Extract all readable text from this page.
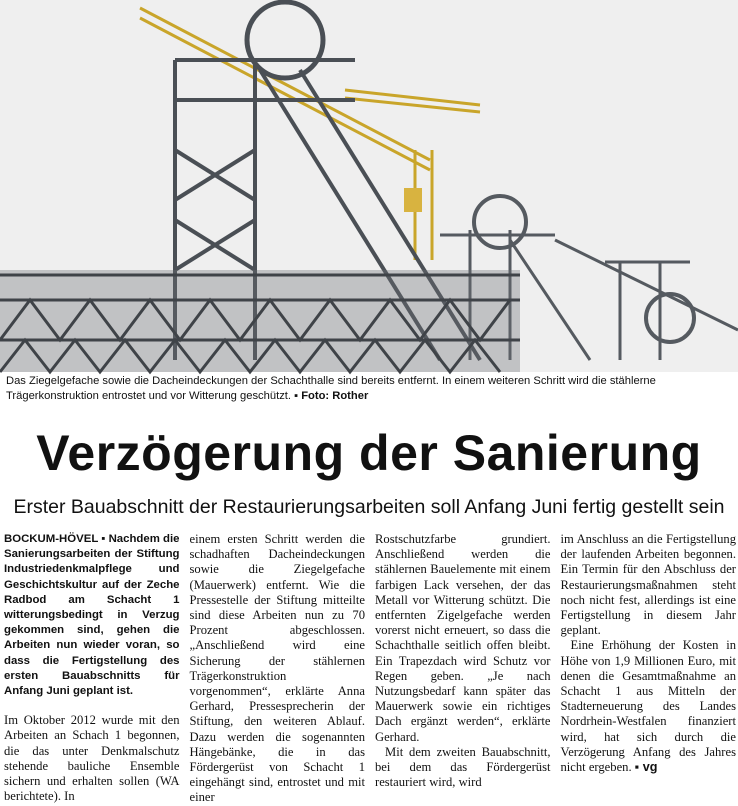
Das Ziegelgefache sowie die Dacheindeckungen der Schachthalle sind bereits entfernt. In einem weiteren Schritt wird die stählerne Trägerkonstruktion entrostet und vor Witterung geschützt. ▪ Foto: Rother
Verzögerung der Sanierung
Erster Bauabschnitt der Restaurierungsarbeiten soll Anfang Juni fertig gestellt sein

BOCKUM-HÖVEL ▪ Nachdem die Sanierungsarbeiten der Stiftung Industriedenkmalpflege und Geschichtskultur auf der Zeche Radbod am Schacht 1 witterungsbedingt in Verzug gekommen sind, gehen die Arbeiten nun wieder voran, so dass die Fertigstellung des ersten Bauabschnitts für Anfang Juni geplant ist.

Im Oktober 2012 wurde mit den Arbeiten an Schach 1 begonnen, die das unter Denkmalschutz stehende bauliche Ensemble sichern und erhalten sollen (WA berichtete). In

einem ersten Schritt werden die schadhaften Dacheindeckungen sowie die Ziegelgefache (Mauerwerk) entfernt. Wie die Pressestelle der Stiftung mitteilte sind diese Arbeiten nun zu 70 Prozent abgeschlossen. „Anschließend wird eine Sicherung der stählernen Trägerkonstruktion vorgenommen“, erklärte Anna Gerhard, Pressesprecherin der Stiftung, den weiteren Ablauf. Dazu werden die sogenannten Hängebänke, die in das Fördergerüst von Schacht 1 eingehängt sind, entrostet und mit einer

Rostschutzfarbe grundiert. Anschließend werden die stählernen Bauelemente mit einem farbigen Lack versehen, der das Metall vor Witterung schützt. Die entfernten Zigelgefache werden vorerst nicht erneuert, so dass die Schachthalle seitlich offen bleibt. Ein Trapezdach wird Schutz vor Regen geben. „Je nach Nutzungsbedarf kann später das Mauerwerk sowie ein richtiges Dach ergänzt werden“, erklärte Gerhard.

Mit dem zweiten Bauabschnitt, bei dem das Fördergerüst restauriert wird, wird

im Anschluss an die Fertigstellung der laufenden Arbeiten begonnen. Ein Termin für den Abschluss der Restaurierungsmaßnahmen steht noch nicht fest, allerdings ist eine Fertigstellung in diesem Jahr geplant.

Eine Erhöhung der Kosten in Höhe von 1,9 Millionen Euro, mit denen die Gesamtmaßnahme an Schacht 1 aus Mitteln der Stadterneuerung des Landes Nordrhein-Westfalen finanziert wird, hat sich durch die Verzögerung Anfang des Jahres nicht ergeben. ▪ vg
